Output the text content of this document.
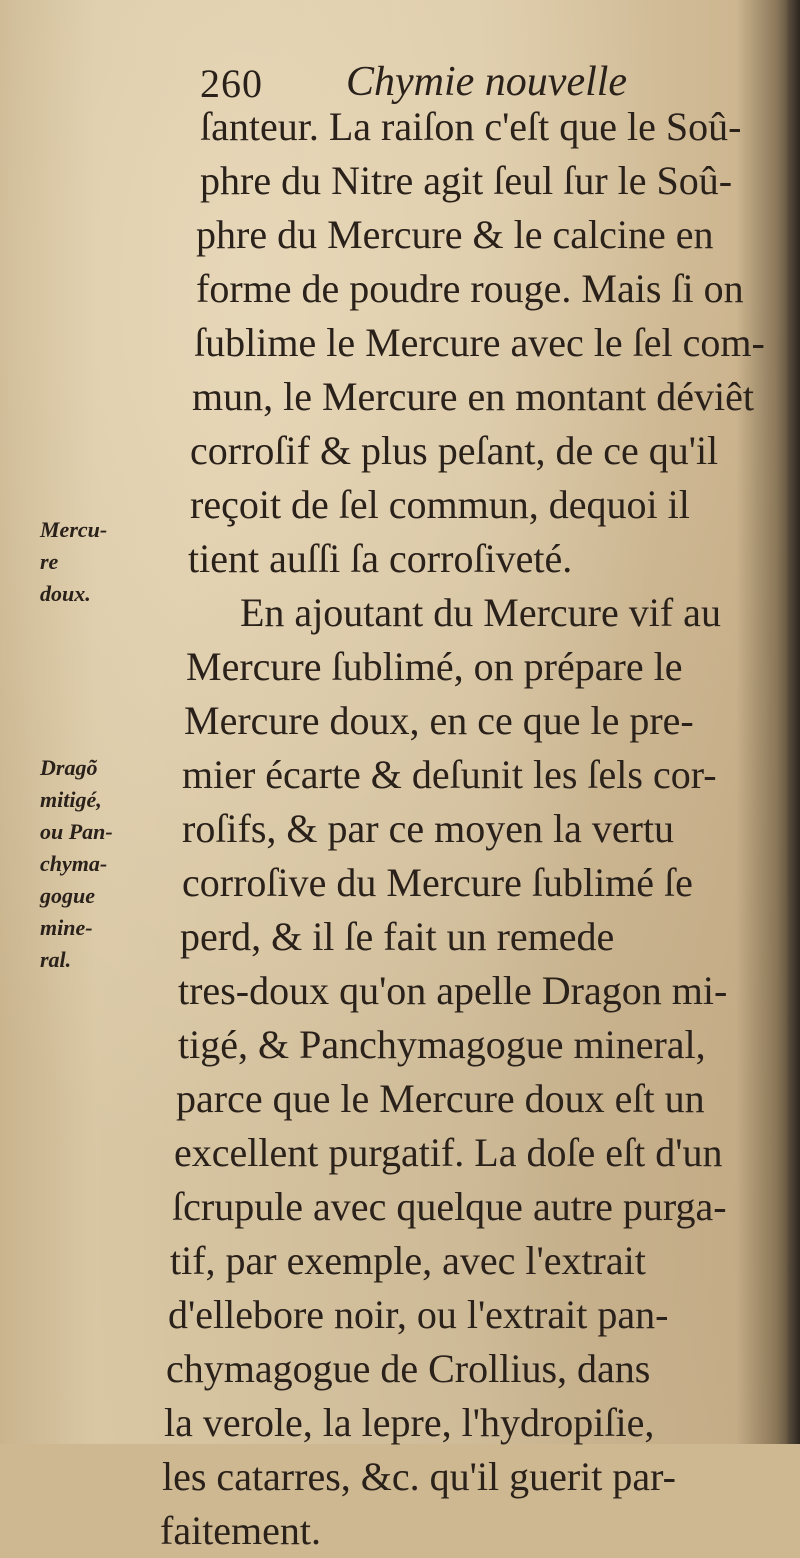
260 Chymie nouvelle
ſanteur. La raiſon c'eſt que le Soû-
phre du Nitre agit ſeul ſur le Soû-
phre du Mercure & le calcine en
forme de poudre rouge. Mais ſi on
ſublime le Mercure avec le ſel com-
mun, le Mercure en montant déviêt
corroſif & plus peſant, de ce qu'il
reçoit de ſel commun, dequoi il
tient auſſi ſa corroſiveté.
En ajoutant du Mercure vif au
Mercure ſublimé, on prépare le
Mercure doux, en ce que le pre-
mier écarte & deſunit les ſels cor-
roſifs, & par ce moyen la vertu
corroſive du Mercure ſublimé ſe
perd, & il ſe fait un remede
tres-doux qu'on apelle Dragon mi-
tigé, & Panchymagogue mineral,
parce que le Mercure doux eſt un
excellent purgatif. La doſe eſt d'un
ſcrupule avec quelque autre purga-
tif, par exemple, avec l'extrait
d'ellebore noir, ou l'extrait pan-
chymagogue de Crollius, dans
la verole, la lepre, l'hydropiſie,
les catarres, &c. qu'il guerit par-
faitement.
Mercu-
re
doux.
Dragõ
mitigé,
ou Pan-
chyma-
gogue
mine-
ral.
